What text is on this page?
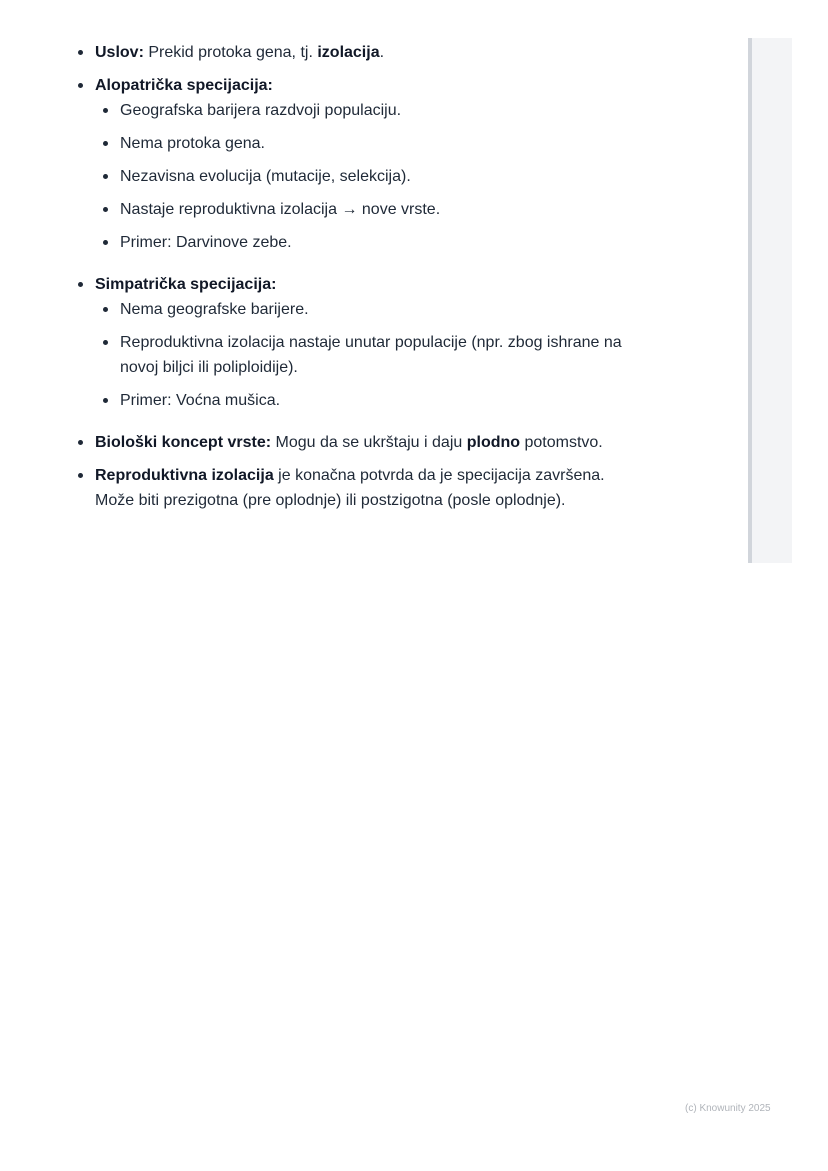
Uslov: Prekid protoka gena, tj. izolacija.
Alopatrička specijacija:
Geografska barijera razdvoji populaciju.
Nema protoka gena.
Nezavisna evolucija (mutacije, selekcija).
Nastaje reproduktivna izolacija → nove vrste.
Primer: Darvinove zebe.
Simpatrička specijacija:
Nema geografske barijere.
Reproduktivna izolacija nastaje unutar populacije (npr. zbog ishrane na novoj biljci ili poliploidije).
Primer: Voćna mušica.
Biološki koncept vrste: Mogu da se ukrštaju i daju plodno potomstvo.
Reproduktivna izolacija je konačna potvrda da je specijacija završena. Može biti prezigotna (pre oplodnje) ili postzigotna (posle oplodnje).
(c) Knowunity 2025
